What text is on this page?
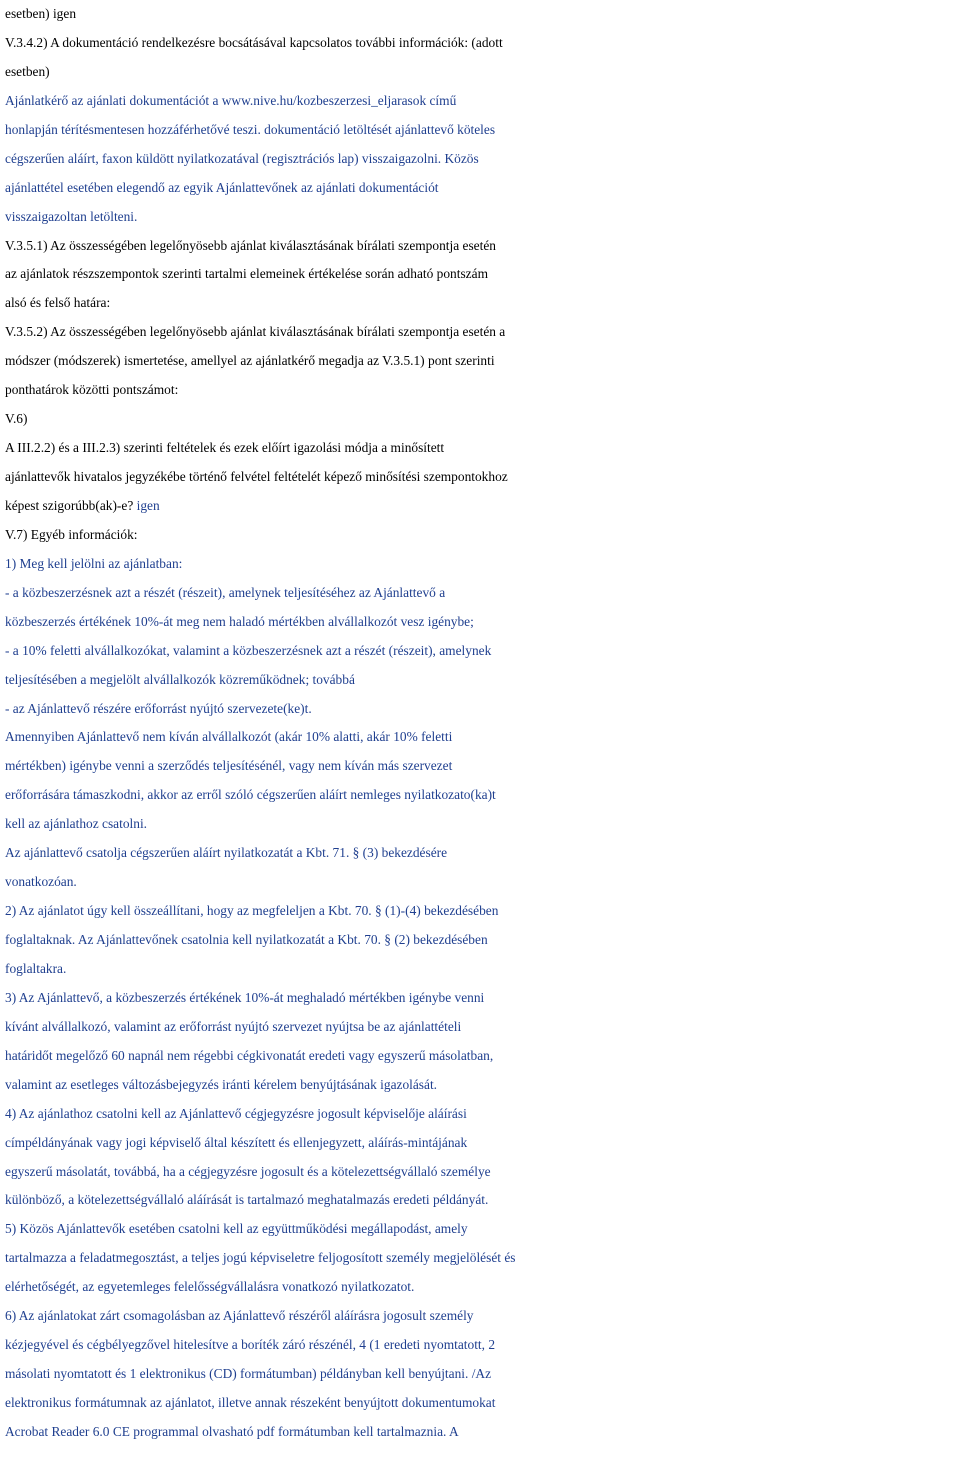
esetben) igen
V.3.4.2) A dokumentáció rendelkezésre bocsátásával kapcsolatos további információk: (adott
esetben)
Ajánlatkérő az ajánlati dokumentációt a www.nive.hu/kozbeszerzesi_eljarasok című
honlapján térítésmentesen hozzáférhetővé teszi. dokumentáció letöltését ajánlattevő köteles
cégszerűen aláírt, faxon küldött nyilatkozatával (regisztrációs lap) visszaigazolni. Közös
ajánlattétel esetében elegendő az egyik Ajánlattevőnek az ajánlati dokumentációt
visszaigazoltan letölteni.
V.3.5.1) Az összességében legelőnyösebb ajánlat kiválasztásának bírálati szempontja esetén
az ajánlatok részszempontok szerinti tartalmi elemeinek értékelése során adható pontszám
alsó és felső határa:
V.3.5.2) Az összességében legelőnyösebb ajánlat kiválasztásának bírálati szempontja esetén a
módszer (módszerek) ismertetése, amellyel az ajánlatkérő megadja az V.3.5.1) pont szerinti
ponthatárok közötti pontszámot:
V.6)
A III.2.2) és a III.2.3) szerinti feltételek és ezek előírt igazolási módja a minősített
ajánlattevők hivatalos jegyzékébe történő felvétel feltételét képező minősítési szempontokhoz
képest szigorúbb(ak)-e? igen
V.7) Egyéb információk:
1) Meg kell jelölni az ajánlatban:
- a közbeszerzésnek azt a részét (részeit), amelynek teljesítéséhez az Ajánlattevő a
közbeszerzés értékének 10%-át meg nem haladó mértékben alvállalkozót vesz igénybe;
- a 10% feletti alvállalkozókat, valamint a közbeszerzésnek azt a részét (részeit), amelynek
teljesítésében a megjelölt alvállalkozók közreműködnek; továbbá
- az Ajánlattevő részére erőforrást nyújtó szervezete(ke)t.
Amennyiben Ajánlattevő nem kíván alvállalkozót (akár 10% alatti, akár 10% feletti
mértékben) igénybe venni a szerződés teljesítésénél, vagy nem kíván más szervezet
erőforrására támaszkodni, akkor az erről szóló cégszerűen aláírt nemleges nyilatkozato(ka)t
kell az ajánlathoz csatolni.
Az ajánlattevő csatolja cégszerűen aláírt nyilatkozatát a Kbt. 71. § (3) bekezdésére
vonatkozóan.
2) Az ajánlatot úgy kell összeállítani, hogy az megfeleljen a Kbt. 70. § (1)-(4) bekezdésében
foglaltaknak. Az Ajánlattevőnek csatolnia kell nyilatkozatát a Kbt. 70. § (2) bekezdésében
foglaltakra.
3) Az Ajánlattevő, a közbeszerzés értékének 10%-át meghaladó mértékben igénybe venni
kívánt alvállalkozó, valamint az erőforrást nyújtó szervezet nyújtsa be az ajánlattételi
határidőt megelőző 60 napnál nem régebbi cégkivonatát eredeti vagy egyszerű másolatban,
valamint az esetleges változásbejegyzés iránti kérelem benyújtásának igazolását.
4) Az ajánlathoz csatolni kell az Ajánlattevő cégjegyzésre jogosult képviselője aláírási
címpéldányának vagy jogi képviselő által készített és ellenjegyzett, aláírás-mintájának
egyszerű másolatát, továbbá, ha a cégjegyzésre jogosult és a kötelezettségvállaló személye
különböző, a kötelezettségvállaló aláírását is tartalmazó meghatalmazás eredeti példányát.
5) Közös Ajánlattevők esetében csatolni kell az együttműködési megállapodást, amely
tartalmazza a feladatmegosztást, a teljes jogú képviseletre feljogosított személy megjelölését és
elérhetőségét, az egyetemleges felelősségvállalásra vonatkozó nyilatkozatot.
6) Az ajánlatokat zárt csomagolásban az Ajánlattevő részéről aláírásra jogosult személy
kézjegyével és cégbélyegzővel hitelesítve a boríték záró részénél, 4 (1 eredeti nyomtatott, 2
másolati nyomtatott és 1 elektronikus (CD) formátumban) példányban kell benyújtani. /Az
elektronikus formátumnak az ajánlatot, illetve annak részeként benyújtott dokumentumokat
Acrobat Reader 6.0 CE programmal olvasható pdf formátumban kell tartalmaznia. A
